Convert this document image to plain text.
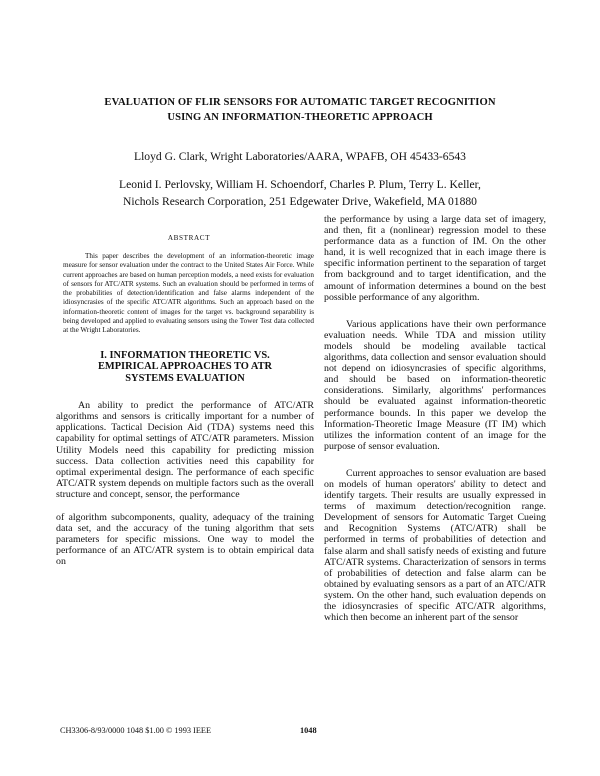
EVALUATION OF FLIR SENSORS FOR AUTOMATIC TARGET RECOGNITION
USING AN INFORMATION-THEORETIC APPROACH
Lloyd G. Clark, Wright Laboratories/AARA, WPAFB, OH 45433-6543
Leonid I. Perlovsky, William H. Schoendorf, Charles P. Plum, Terry L. Keller,
Nichols Research Corporation, 251 Edgewater Drive, Wakefield, MA 01880
ABSTRACT

This paper describes the development of an information-theoretic image measure for sensor evaluation under the contract to the United States Air Force. While current approaches are based on human perception models, a need exists for evaluation of sensors for ATC/ATR systems. Such an evaluation should be performed in terms of the probabilities of detection/identification and false alarms independent of the idiosyncrasies of the specific ATC/ATR algorithms. Such an approach based on the information-theoretic content of images for the target vs. background separability is being developed and applied to evaluating sensors using the Tower Test data collected at the Wright Laboratories.

I. INFORMATION THEORETIC VS.
EMPIRICAL APPROACHES TO ATR
SYSTEMS EVALUATION

An ability to predict the performance of ATC/ATR algorithms and sensors is critically important for a number of applications. Tactical Decision Aid (TDA) systems need this capability for optimal settings of ATC/ATR parameters. Mission Utility Models need this capability for predicting mission success. Data collection activities need this capability for optimal experimental design. The performance of each specific ATC/ATR system depends on multiple factors such as the overall structure and concept, sensor, the performance

of algorithm subcomponents, quality, adequacy of the training data set, and the accuracy of the tuning algorithm that sets parameters for specific missions. One way to model the performance of an ATC/ATR system is to obtain empirical data on

the performance by using a large data set of imagery, and then, fit a (nonlinear) regression model to these performance data as a function of IM. On the other hand, it is well recognized that in each image there is specific information pertinent to the separation of target from background and to target identification, and the amount of information determines a bound on the best possible performance of any algorithm.

Various applications have their own performance evaluation needs. While TDA and mission utility models should be modeling available tactical algorithms, data collection and sensor evaluation should not depend on idiosyncrasies of specific algorithms, and should be based on information-theoretic considerations. Similarly, algorithms' performances should be evaluated against information-theoretic performance bounds. In this paper we develop the Information-Theoretic Image Measure (IT IM) which utilizes the information content of an image for the purpose of sensor evaluation.

Current approaches to sensor evaluation are based on models of human operators' ability to detect and identify targets. Their results are usually expressed in terms of maximum detection/recognition range. Development of sensors for Automatic Target Cueing and Recognition Systems (ATC/ATR) shall be performed in terms of probabilities of detection and false alarm and shall satisfy needs of existing and future ATC/ATR systems. Characterization of sensors in terms of probabilities of detection and false alarm can be obtained by evaluating sensors as a part of an ATC/ATR system. On the other hand, such evaluation depends on the idiosyncrasies of specific ATC/ATR algorithms, which then become an inherent part of the sensor

CH3306-8/93/0000 1048 $1.00 © 1993 IEEE	1048
